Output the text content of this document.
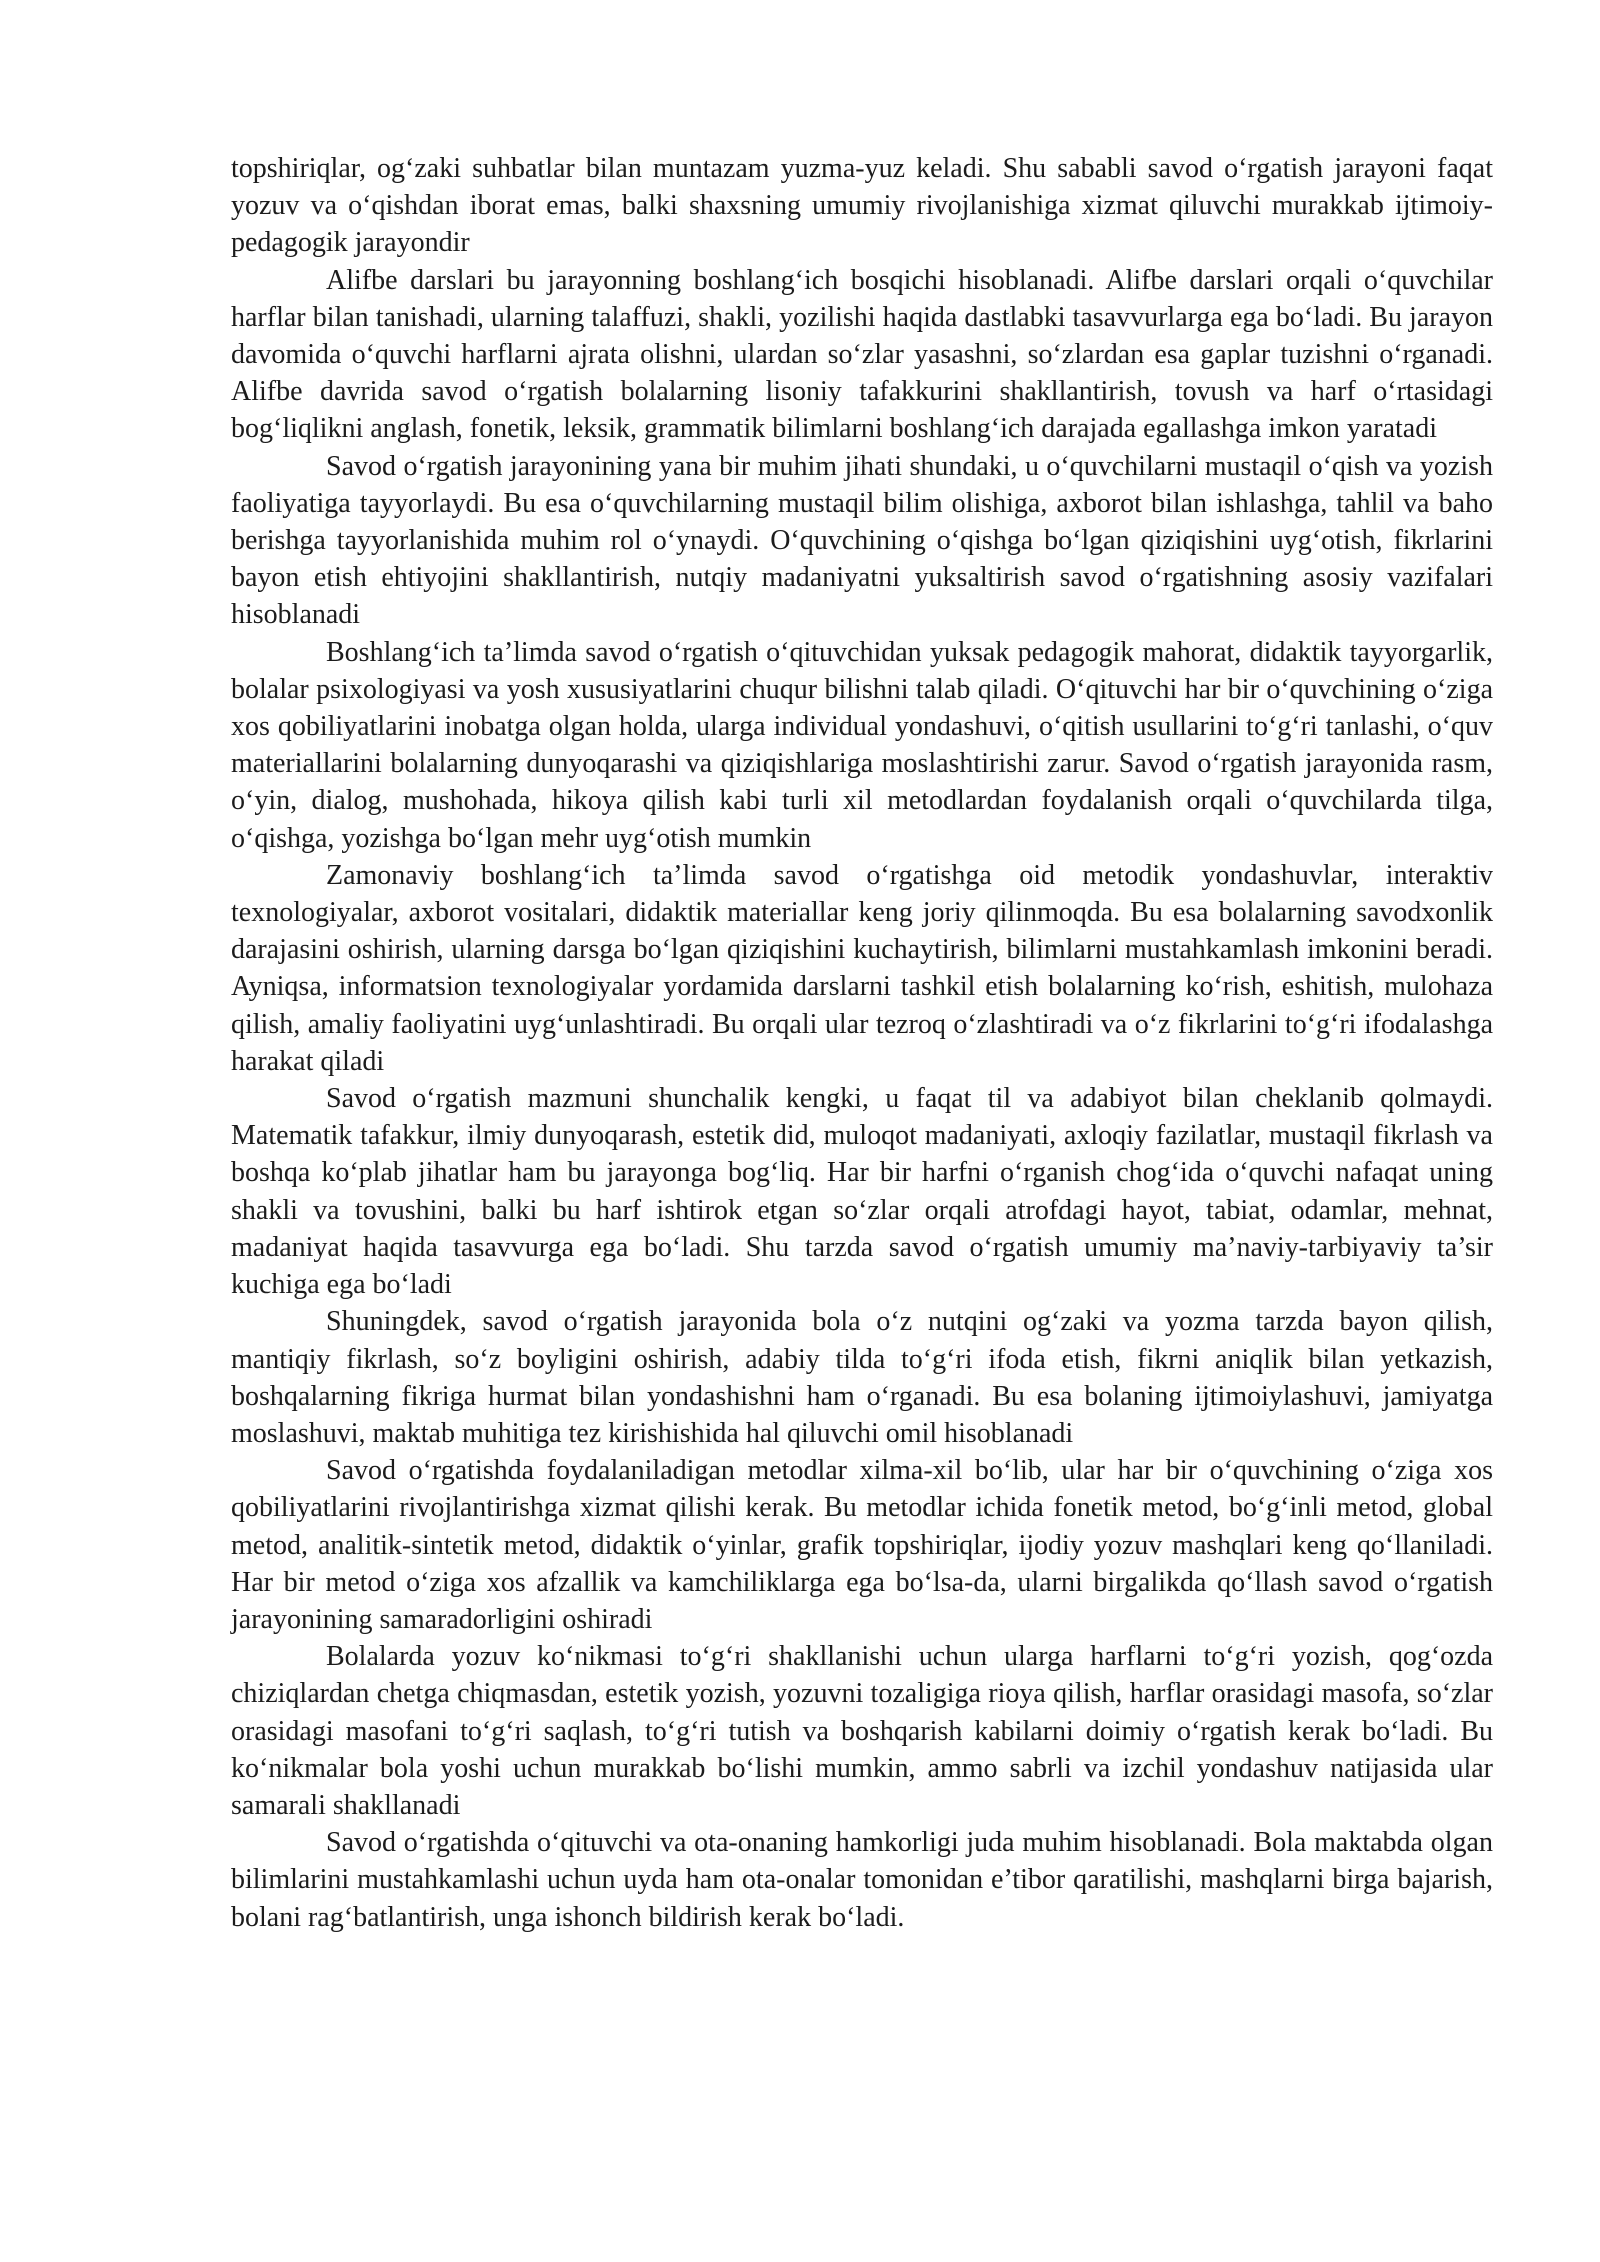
topshiriqlar, og‘zaki suhbatlar bilan muntazam yuzma-yuz keladi. Shu sababli savod o‘rgatish jarayoni faqat yozuv va o‘qishdan iborat emas, balki shaxsning umumiy rivojlanishiga xizmat qiluvchi murakkab ijtimoiy-pedagogik jarayondir

Alifbe darslari bu jarayonning boshlang‘ich bosqichi hisoblanadi. Alifbe darslari orqali o‘quvchilar harflar bilan tanishadi, ularning talaffuzi, shakli, yozilishi haqida dastlabki tasavvurlarga ega bo‘ladi. Bu jarayon davomida o‘quvchi harflarni ajrata olishni, ulardan so‘zlar yasashni, so‘zlardan esa gaplar tuzishni o‘rganadi. Alifbe davrida savod o‘rgatish bolalarning lisoniy tafakkurini shakllantirish, tovush va harf o‘rtasidagi bog‘liqlikni anglash, fonetik, leksik, grammatik bilimlarni boshlang‘ich darajada egallashga imkon yaratadi

Savod o‘rgatish jarayonining yana bir muhim jihati shundaki, u o‘quvchilarni mustaqil o‘qish va yozish faoliyatiga tayyorlaydi. Bu esa o‘quvchilarning mustaqil bilim olishiga, axborot bilan ishlashga, tahlil va baho berishga tayyorlanishida muhim rol o‘ynaydi. O‘quvchining o‘qishga bo‘lgan qiziqishini uyg‘otish, fikrlarini bayon etish ehtiyojini shakllantirish, nutqiy madaniyatni yuksaltirish savod o‘rgatishning asosiy vazifalari hisoblanadi

Boshlang‘ich ta’limda savod o‘rgatish o‘qituvchidan yuksak pedagogik mahorat, didaktik tayyorgarlik, bolalar psixologiyasi va yosh xususiyatlarini chuqur bilishni talab qiladi. O‘qituvchi har bir o‘quvchining o‘ziga xos qobiliyatlarini inobatga olgan holda, ularga individual yondashuvi, o‘qitish usullarini to‘g‘ri tanlashi, o‘quv materiallarini bolalarning dunyoqarashi va qiziqishlariga moslashtirishi zarur. Savod o‘rgatish jarayonida rasm, o‘yin, dialog, mushohada, hikoya qilish kabi turli xil metodlardan foydalanish orqali o‘quvchilarda tilga, o‘qishga, yozishga bo‘lgan mehr uyg‘otish mumkin

Zamonaviy boshlang‘ich ta’limda savod o‘rgatishga oid metodik yondashuvlar, interaktiv texnologiyalar, axborot vositalari, didaktik materiallar keng joriy qilinmoqda. Bu esa bolalarning savodxonlik darajasini oshirish, ularning darsga bo‘lgan qiziqishini kuchaytirish, bilimlarni mustahkamlash imkonini beradi. Ayniqsa, informatsion texnologiyalar yordamida darslarni tashkil etish bolalarning ko‘rish, eshitish, mulohaza qilish, amaliy faoliyatini uyg‘unlashtiradi. Bu orqali ular tezroq o‘zlashtiradi va o‘z fikrlarini to‘g‘ri ifodalashga harakat qiladi

Savod o‘rgatish mazmuni shunchalik kengki, u faqat til va adabiyot bilan cheklanib qolmaydi. Matematik tafakkur, ilmiy dunyoqarash, estetik did, muloqot madaniyati, axloqiy fazilatlar, mustaqil fikrlash va boshqa ko‘plab jihatlar ham bu jarayonga bog‘liq. Har bir harfni o‘rganish chog‘ida o‘quvchi nafaqat uning shakli va tovushini, balki bu harf ishtirok etgan so‘zlar orqali atrofdagi hayot, tabiat, odamlar, mehnat, madaniyat haqida tasavvurga ega bo‘ladi. Shu tarzda savod o‘rgatish umumiy ma’naviy-tarbiyaviy ta’sir kuchiga ega bo‘ladi

Shuningdek, savod o‘rgatish jarayonida bola o‘z nutqini og‘zaki va yozma tarzda bayon qilish, mantiqiy fikrlash, so‘z boyligini oshirish, adabiy tilda to‘g‘ri ifoda etish, fikrni aniqlik bilan yetkazish, boshqalarning fikriga hurmat bilan yondashishni ham o‘rganadi. Bu esa bolaning ijtimoiylashuvi, jamiyatga moslashuvi, maktab muhitiga tez kirishishida hal qiluvchi omil hisoblanadi

Savod o‘rgatishda foydalaniladigan metodlar xilma-xil bo‘lib, ular har bir o‘quvchining o‘ziga xos qobiliyatlarini rivojlantirishga xizmat qilishi kerak. Bu metodlar ichida fonetik metod, bo‘g‘inli metod, global metod, analitik-sintetik metod, didaktik o‘yinlar, grafik topshiriqlar, ijodiy yozuv mashqlari keng qo‘llaniladi. Har bir metod o‘ziga xos afzallik va kamchiliklarga ega bo‘lsa-da, ularni birgalikda qo‘llash savod o‘rgatish jarayonining samaradorligini oshiradi

Bolalarda yozuv ko‘nikmasi to‘g‘ri shakllanishi uchun ularga harflarni to‘g‘ri yozish, qog‘ozda chiziqlardan chetga chiqmasdan, estetik yozish, yozuvni tozaligiga rioya qilish, harflar orasidagi masofa, so‘zlar orasidagi masofani to‘g‘ri saqlash, to‘g‘ri tutish va boshqarish kabilarni doimiy o‘rgatish kerak bo‘ladi. Bu ko‘nikmalar bola yoshi uchun murakkab bo‘lishi mumkin, ammo sabrli va izchil yondashuv natijasida ular samarali shakllanadi

Savod o‘rgatishda o‘qituvchi va ota-onaning hamkorligi juda muhim hisoblanadi. Bola maktabda olgan bilimlarini mustahkamlashi uchun uyda ham ota-onalar tomonidan e’tibor qaratilishi, mashqlarni birga bajarish, bolani rag‘batlantirish, unga ishonch bildirish kerak bo‘ladi.
